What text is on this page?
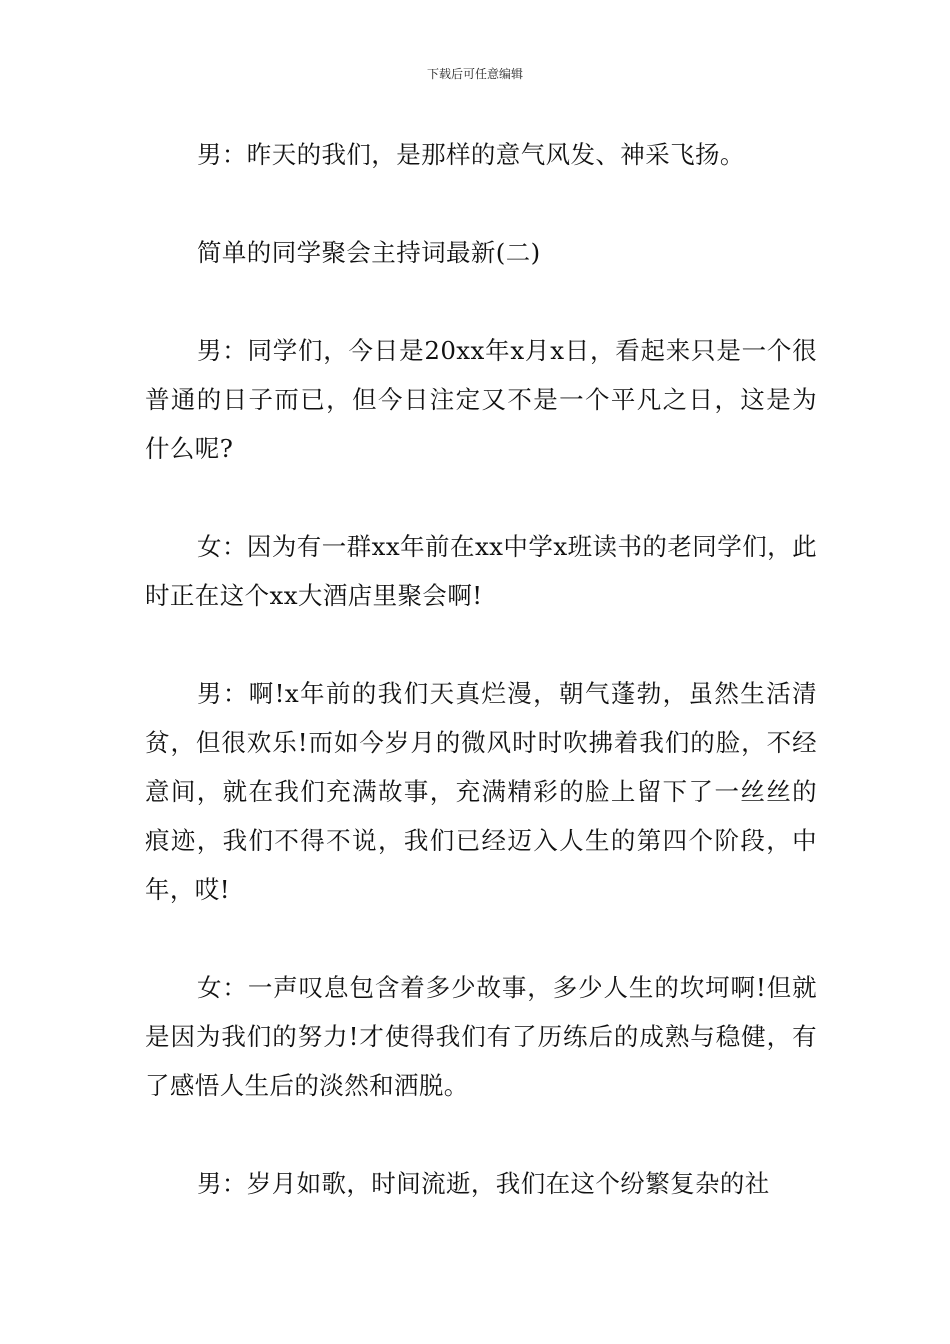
下载后可任意编辑

男：昨天的我们，是那样的意气风发、神采飞扬。

简单的同学聚会主持词最新(二)

男：同学们，今日是20xx年x月x日，看起来只是一个很普通的日子而已，但今日注定又不是一个平凡之日，这是为什么呢?

女：因为有一群xx年前在xx中学x班读书的老同学们，此时正在这个xx大酒店里聚会啊!

男：啊!x年前的我们天真烂漫，朝气蓬勃，虽然生活清贫，但很欢乐!而如今岁月的微风时时吹拂着我们的脸，不经意间，就在我们充满故事，充满精彩的脸上留下了一丝丝的痕迹，我们不得不说，我们已经迈入人生的第四个阶段，中年，哎!

女：一声叹息包含着多少故事，多少人生的坎坷啊!但就是因为我们的努力!才使得我们有了历练后的成熟与稳健，有了感悟人生后的淡然和洒脱。

男：岁月如歌，时间流逝，我们在这个纷繁复杂的社
